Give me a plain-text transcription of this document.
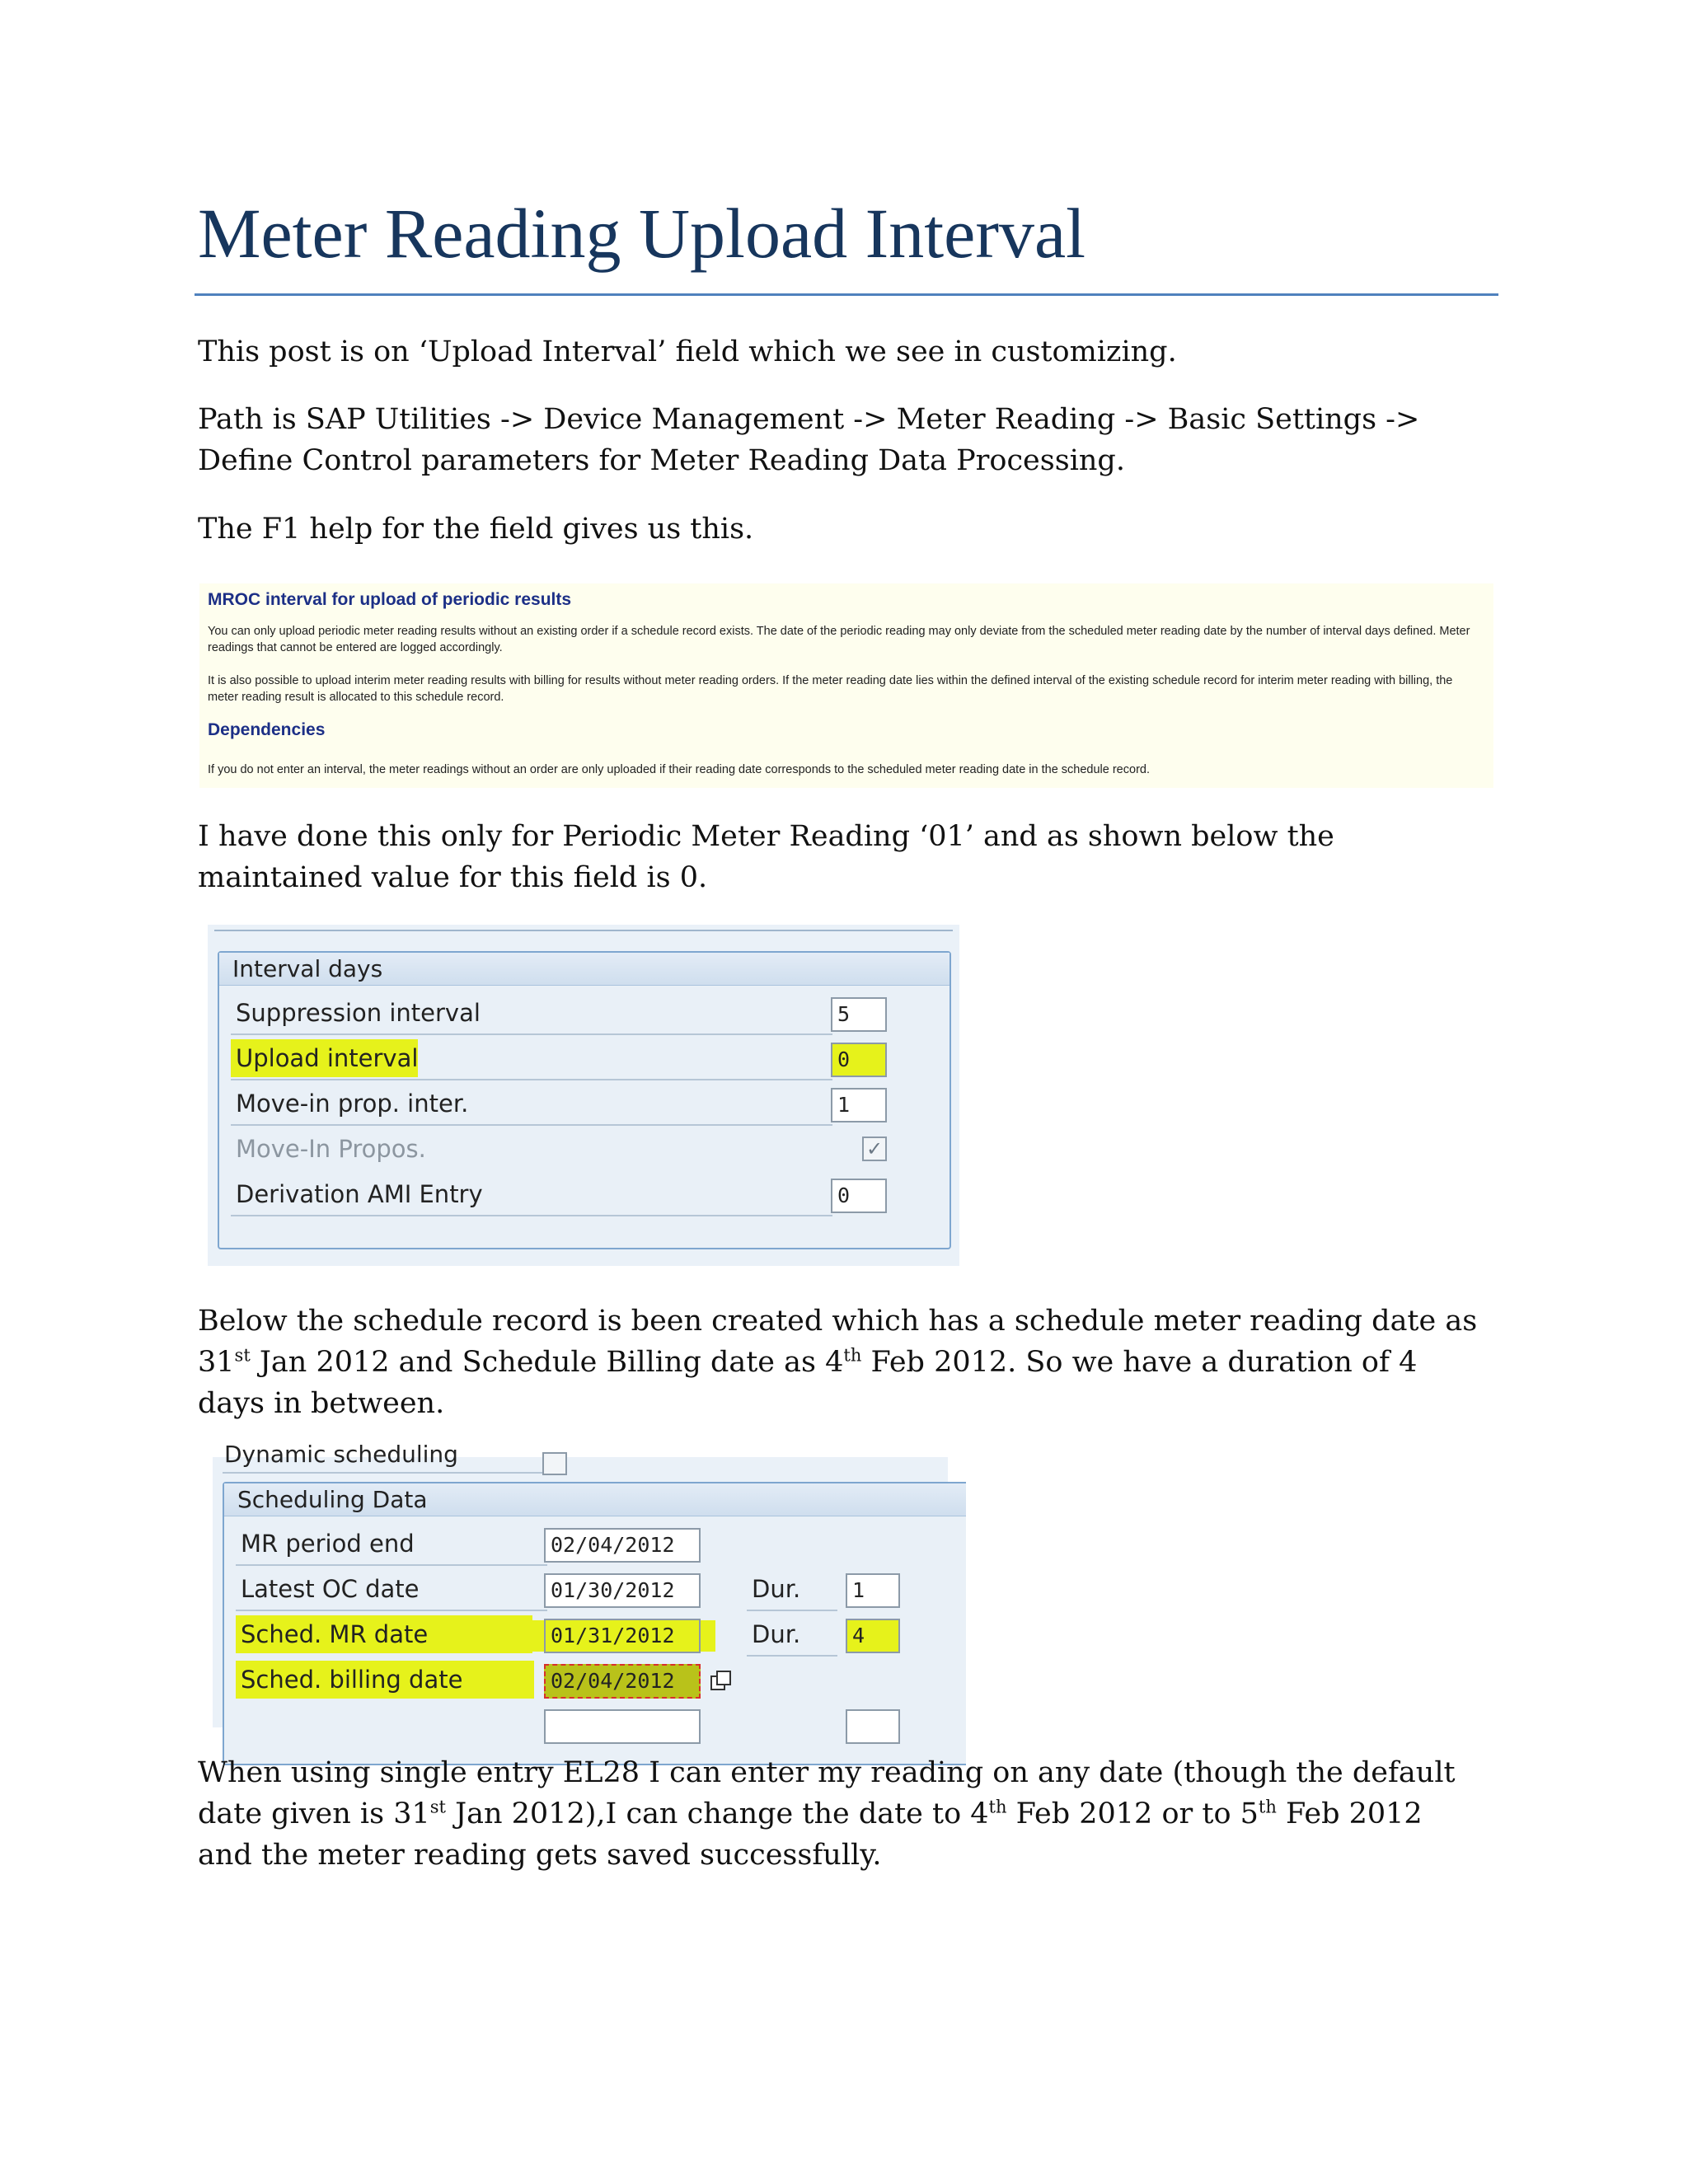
Meter Reading Upload Interval
This post is on ‘Upload Interval’ field which we see in customizing.
Path is SAP Utilities -> Device Management -> Meter Reading -> Basic Settings ->
Define Control parameters for Meter Reading Data Processing.
The F1 help for the field gives us this.
MROC interval for upload of periodic results
You can only upload periodic meter reading results without an existing order if a schedule record exists. The date of the periodic reading may only deviate from the scheduled meter reading date by the number of interval days defined. Meter readings that cannot be entered are logged accordingly.
It is also possible to upload interim meter reading results with billing for results without meter reading orders. If the meter reading date lies within the defined interval of the existing schedule record for interim meter reading with billing, the meter reading result is allocated to this schedule record.
Dependencies
If you do not enter an interval, the meter readings without an order are only uploaded if their reading date corresponds to the scheduled meter reading date in the schedule record.
I have done this only for Periodic Meter Reading ‘01’ and as shown below the
maintained value for this field is 0.
Interval days
Suppression interval	5
Upload interval	0
Move-in prop. inter.	1
Move-In Propos.	✓
Derivation AMI Entry	0
Below the schedule record is been created which has a schedule meter reading date as
31st Jan 2012 and Schedule Billing date as 4th Feb 2012. So we have a duration of 4
days in between.
Dynamic scheduling
Scheduling Data
MR period end	02/04/2012
Latest OC date	01/30/2012	Dur.	1
Sched. MR date	01/31/2012	Dur.	4
Sched. billing date	02/04/2012
When using single entry EL28 I can enter my reading on any date (though the default
date given is 31st Jan 2012),I can change the date to 4th Feb 2012 or to 5th Feb 2012
and the meter reading gets saved successfully.
